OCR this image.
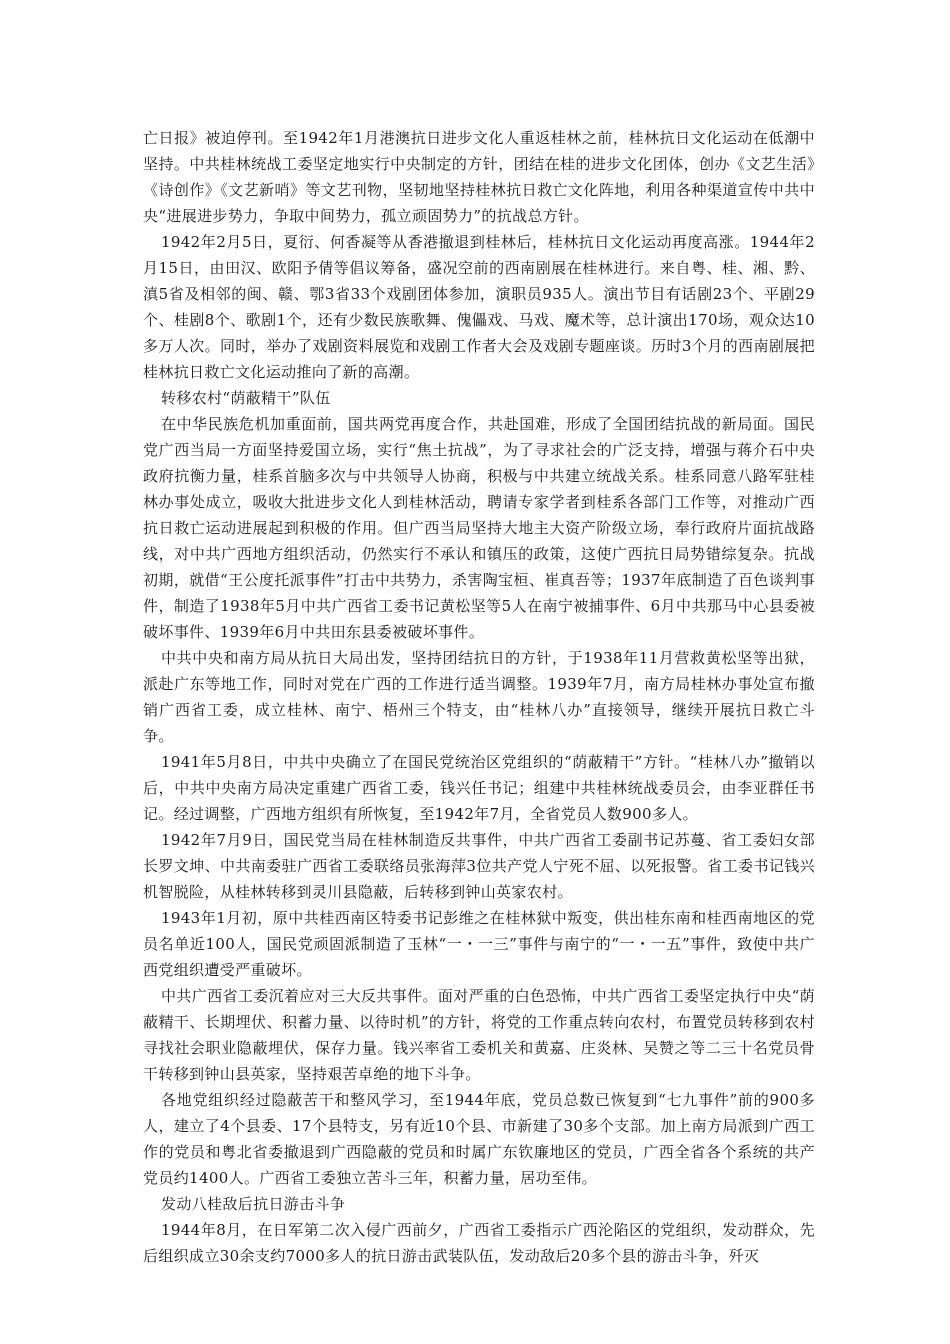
亡日报》被迫停刊。至1942年1月港澳抗日进步文化人重返桂林之前，桂林抗日文化运动在低潮中坚持。中共桂林统战工委坚定地实行中央制定的方针，团结在桂的进步文化团体，创办《文艺生活》《诗创作》《文艺新哨》等文艺刊物，坚韧地坚持桂林抗日救亡文化阵地，利用各种渠道宣传中共中央“进展进步势力，争取中间势力，孤立顽固势力”的抗战总方针。

1942年2月5日，夏衍、何香凝等从香港撤退到桂林后，桂林抗日文化运动再度高涨。1944年2月15日，由田汉、欧阳予倩等倡议筹备，盛况空前的西南剧展在桂林进行。来自粤、桂、湘、黔、滇5省及相邻的闽、赣、鄂3省33个戏剧团体参加，演职员935人。演出节目有话剧23个、平剧29个、桂剧8个、歌剧1个，还有少数民族歌舞、傀儡戏、马戏、魔术等，总计演出170场，观众达10多万人次。同时，举办了戏剧资料展览和戏剧工作者大会及戏剧专题座谈。历时3个月的西南剧展把桂林抗日救亡文化运动推向了新的高潮。

转移农村“荫蔽精干”队伍

在中华民族危机加重面前，国共两党再度合作，共赴国难，形成了全国团结抗战的新局面。国民党广西当局一方面坚持爱国立场，实行“焦土抗战”，为了寻求社会的广泛支持，增强与蒋介石中央政府抗衡力量，桂系首脑多次与中共领导人协商，积极与中共建立统战关系。桂系同意八路军驻桂林办事处成立，吸收大批进步文化人到桂林活动，聘请专家学者到桂系各部门工作等，对推动广西抗日救亡运动进展起到积极的作用。但广西当局坚持大地主大资产阶级立场，奉行政府片面抗战路线，对中共广西地方组织活动，仍然实行不承认和镇压的政策，这使广西抗日局势错综复杂。抗战初期，就借“王公度托派事件”打击中共势力，杀害陶宝桓、崔真吾等；1937年底制造了百色谈判事件，制造了1938年5月中共广西省工委书记黄松坚等5人在南宁被捕事件、6月中共那马中心县委被破坏事件、1939年6月中共田东县委被破坏事件。

中共中央和南方局从抗日大局出发，坚持团结抗日的方针，于1938年11月营救黄松坚等出狱，派赴广东等地工作，同时对党在广西的工作进行适当调整。1939年7月，南方局桂林办事处宣布撤销广西省工委，成立桂林、南宁、梧州三个特支，由“桂林八办”直接领导，继续开展抗日救亡斗争。

1941年5月8日，中共中央确立了在国民党统治区党组织的“荫蔽精干”方针。“桂林八办”撤销以后，中共中央南方局决定重建广西省工委，钱兴任书记；组建中共桂林统战委员会，由李亚群任书记。经过调整，广西地方组织有所恢复，至1942年7月，全省党员人数900多人。

1942年7月9日，国民党当局在桂林制造反共事件，中共广西省工委副书记苏蔓、省工委妇女部长罗文坤、中共南委驻广西省工委联络员张海萍3位共产党人宁死不屈、以死报警。省工委书记钱兴机智脱险，从桂林转移到灵川县隐蔽，后转移到钟山英家农村。

1943年1月初，原中共桂西南区特委书记彭维之在桂林狱中叛变，供出桂东南和桂西南地区的党员名单近100人，国民党顽固派制造了玉林“一・一三”事件与南宁的“一・一五”事件，致使中共广西党组织遭受严重破坏。

中共广西省工委沉着应对三大反共事件。面对严重的白色恐怖，中共广西省工委坚定执行中央“荫蔽精干、长期埋伏、积蓄力量、以待时机”的方针，将党的工作重点转向农村，布置党员转移到农村寻找社会职业隐蔽埋伏，保存力量。钱兴率省工委机关和黄嘉、庄炎林、吴赞之等二三十名党员骨干转移到钟山县英家，坚持艰苦卓绝的地下斗争。

各地党组织经过隐蔽苦干和整风学习，至1944年底，党员总数已恢复到“七九事件”前的900多人，建立了4个县委、17个县特支，另有近10个县、市新建了30多个支部。加上南方局派到广西工作的党员和粤北省委撤退到广西隐蔽的党员和时属广东钦廉地区的党员，广西全省各个系统的共产党员约1400人。广西省工委独立苦斗三年，积蓄力量，居功至伟。

发动八桂敌后抗日游击斗争

1944年8月，在日军第二次入侵广西前夕，广西省工委指示广西沦陷区的党组织，发动群众，先后组织成立30余支约7000多人的抗日游击武装队伍，发动敌后20多个县的游击斗争，歼灭
